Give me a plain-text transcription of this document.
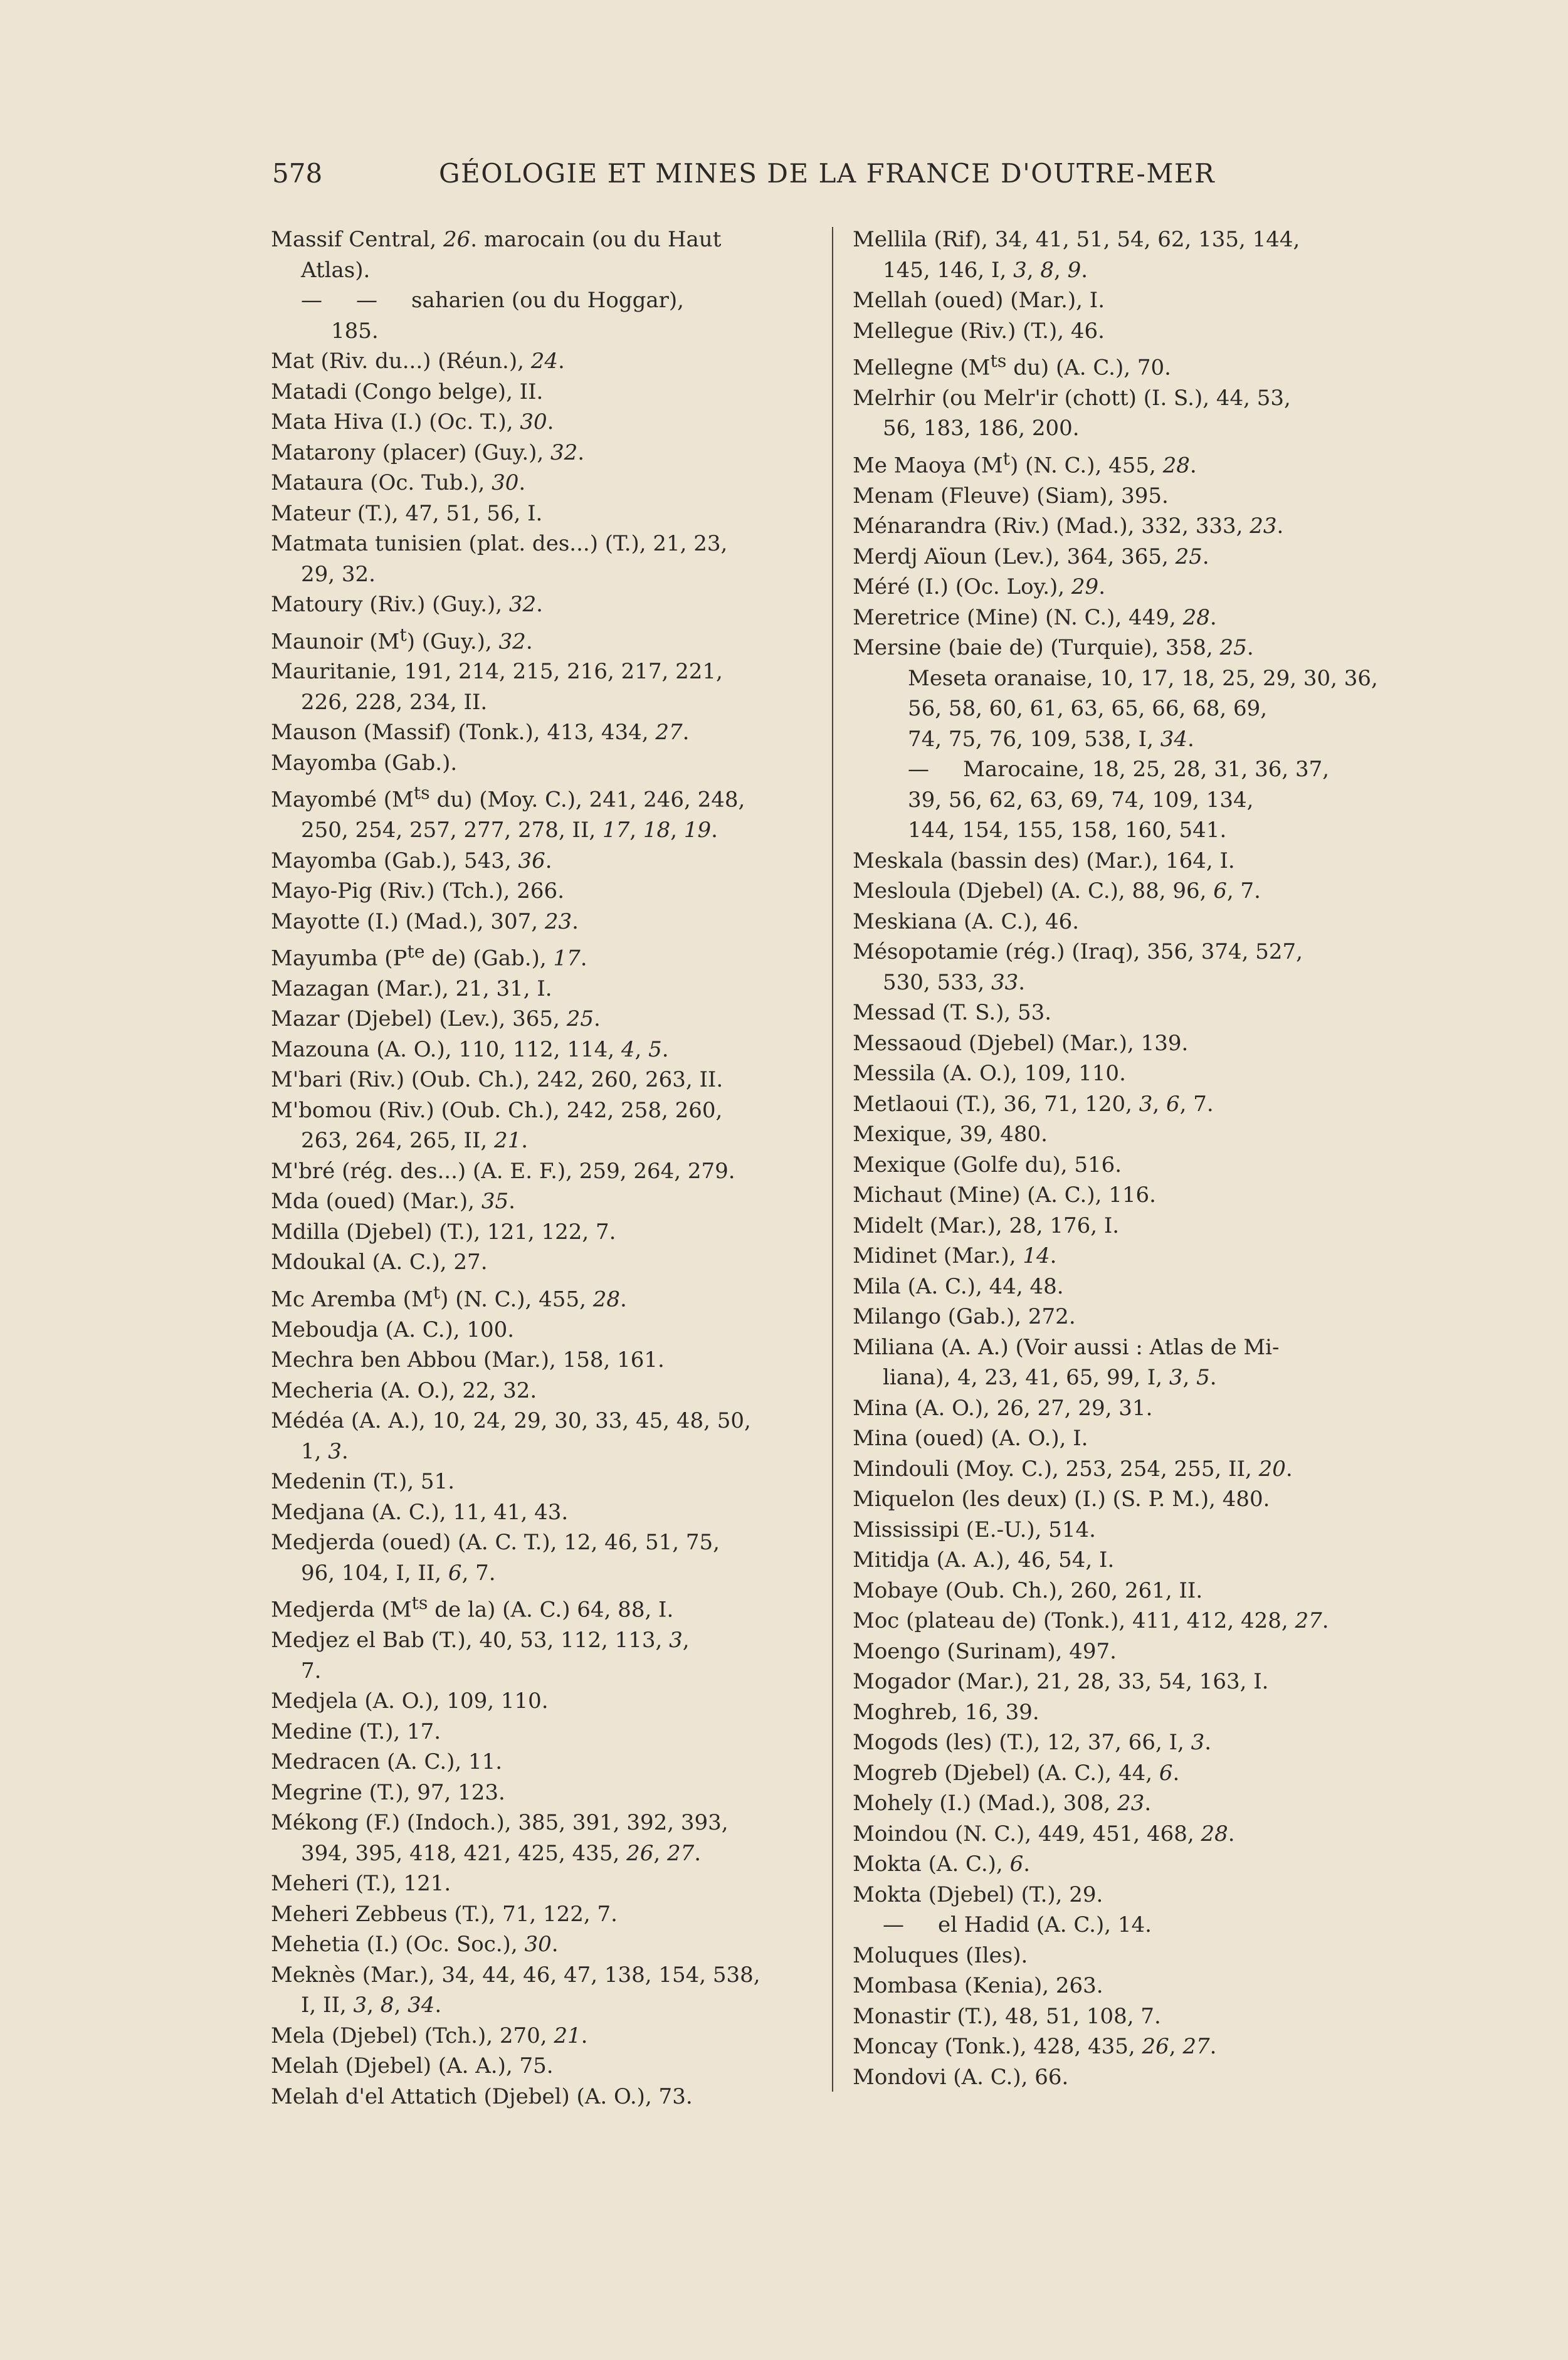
578	GÉOLOGIE ET MINES DE LA FRANCE D'OUTRE-MER
Massif Central, 26. marocain (ou du Haut
Atlas).
— — saharien (ou du Hoggar),
185.
Mat (Riv. du...) (Réun.), 24.
Matadi (Congo belge), II.
Mata Hiva (I.) (Oc. T.), 30.
Matarony (placer) (Guy.), 32.
Mataura (Oc. Tub.), 30.
Mateur (T.), 47, 51, 56, I.
Matmata tunisien (plat. des...) (T.), 21, 23,
29, 32.
Matoury (Riv.) (Guy.), 32.
Maunoir $(M^t)$ (Guy.), 32.
Mauritanie, 191, 214, 215, 216, 217, 221,
226, 228, 234, II.
Mauson (Massif) (Tonk.), 413, 434, 27.
Mayomba (Gab.).
Mayombé ($M^{ts}$ du) (Moy. C.), 241, 246, 248,
250, 254, 257, 277, 278, II, 17, 18, 19.
Mayomba (Gab.), 543, 36.
Mayo-Pig (Riv.) (Tch.), 266.
Mayotte (I.) (Mad.), 307, 23.
Mayumba ($P^{te}$ de) (Gab.), 17.
Mazagan (Mar.), 21, 31, I.
Mazar (Djebel) (Lev.), 365, 25.
Mazouna (A. O.), 110, 112, 114, 4, 5.
M'bari (Riv.) (Oub. Ch.), 242, 260, 263, II.
M'bomou (Riv.) (Oub. Ch.), 242, 258, 260,
263, 264, 265, II, 21.
M'bré (rég. des...) (A. E. F.), 259, 264, 279.
Mda (oued) (Mar.), 35.
Mdilla (Djebel) (T.), 121, 122, 7.
Mdoukal (A. C.), 27.
Mc Aremba $(M^t)$ (N. C.), 455, 28.
Meboudja (A. C.), 100.
Mechra ben Abbou (Mar.), 158, 161.
Mecheria (A. O.), 22, 32.
Médéa (A. A.), 10, 24, 29, 30, 33, 45, 48, 50,
1, 3.
Medenin (T.), 51.
Medjana (A. C.), 11, 41, 43.
Medjerda (oued) (A. C. T.), 12, 46, 51, 75,
96, 104, I, II, 6, 7.
Medjerda ($M^{ts}$ de la) (A. C.) 64, 88, I.
Medjez el Bab (T.), 40, 53, 112, 113, 3,
7.
Medjela (A. O.), 109, 110.
Medine (T.), 17.
Medracen (A. C.), 11.
Megrine (T.), 97, 123.
Mékong (F.) (Indoch.), 385, 391, 392, 393,
394, 395, 418, 421, 425, 435, 26, 27.
Meheri (T.), 121.
Meheri Zebbeus (T.), 71, 122, 7.
Mehetia (I.) (Oc. Soc.), 30.
Meknès (Mar.), 34, 44, 46, 47, 138, 154, 538,
I, II, 3, 8, 34.
Mela (Djebel) (Tch.), 270, 21.
Melah (Djebel) (A. A.), 75.
Melah d'el Attatich (Djebel) (A. O.), 73.
Mellila (Rif), 34, 41, 51, 54, 62, 135, 144,
145, 146, I, 3, 8, 9.
Mellah (oued) (Mar.), I.
Mellegue (Riv.) (T.), 46.
Mellegne ($M^{ts}$ du) (A. C.), 70.
Melrhir (ou Melr'ir (chott) (I. S.), 44, 53,
56, 183, 186, 200.
Me Maoya $(M^t)$ (N. C.), 455, 28.
Menam (Fleuve) (Siam), 395.
Ménarandra (Riv.) (Mad.), 332, 333, 23.
Merdj Aïoun (Lev.), 364, 365, 25.
Méré (I.) (Oc. Loy.), 29.
Meretrice (Mine) (N. C.), 449, 28.
Mersine (baie de) (Turquie), 358, 25.
Meseta oranaise, 10, 17, 18, 25, 29, 30, 36,
56, 58, 60, 61, 63, 65, 66, 68, 69,
74, 75, 76, 109, 538, I, 34.
— Marocaine, 18, 25, 28, 31, 36, 37,
39, 56, 62, 63, 69, 74, 109, 134,
144, 154, 155, 158, 160, 541.
Meskala (bassin des) (Mar.), 164, I.
Mesloula (Djebel) (A. C.), 88, 96, 6, 7.
Meskiana (A. C.), 46.
Mésopotamie (rég.) (Iraq), 356, 374, 527,
530, 533, 33.
Messad (T. S.), 53.
Messaoud (Djebel) (Mar.), 139.
Messila (A. O.), 109, 110.
Metlaoui (T.), 36, 71, 120, 3, 6, 7.
Mexique, 39, 480.
Mexique (Golfe du), 516.
Michaut (Mine) (A. C.), 116.
Midelt (Mar.), 28, 176, I.
Midinet (Mar.), 14.
Mila (A. C.), 44, 48.
Milango (Gab.), 272.
Miliana (A. A.) (Voir aussi : Atlas de Mi-
liana), 4, 23, 41, 65, 99, I, 3, 5.
Mina (A. O.), 26, 27, 29, 31.
Mina (oued) (A. O.), I.
Mindouli (Moy. C.), 253, 254, 255, II, 20.
Miquelon (les deux) (I.) (S. P. M.), 480.
Mississipi (E.-U.), 514.
Mitidja (A. A.), 46, 54, I.
Mobaye (Oub. Ch.), 260, 261, II.
Moc (plateau de) (Tonk.), 411, 412, 428, 27.
Moengo (Surinam), 497.
Mogador (Mar.), 21, 28, 33, 54, 163, I.
Moghreb, 16, 39.
Mogods (les) (T.), 12, 37, 66, I, 3.
Mogreb (Djebel) (A. C.), 44, 6.
Mohely (I.) (Mad.), 308, 23.
Moindou (N. C.), 449, 451, 468, 28.
Mokta (A. C.), 6.
Mokta (Djebel) (T.), 29.
— el Hadid (A. C.), 14.
Moluques (Iles).
Mombasa (Kenia), 263.
Monastir (T.), 48, 51, 108, 7.
Moncay (Tonk.), 428, 435, 26, 27.
Mondovi (A. C.), 66.
